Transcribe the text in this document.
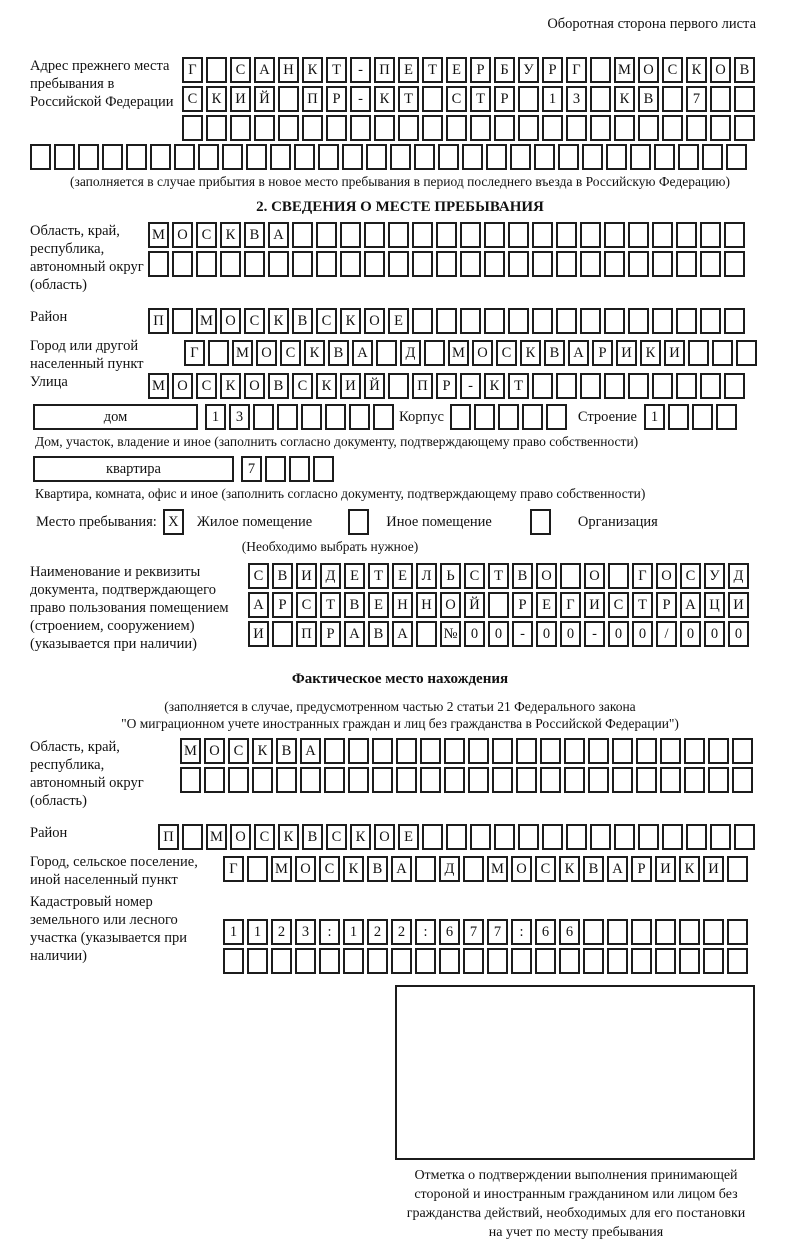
Оборотная сторона первого листа
Адрес прежнего места пребывания в Российской Федерации
Г	С А Н К	Т	-	П Е	Т	Е	Р	Б	У	Р	Г	М О С К О В
С К И Й	П	Р	-	К	Т	С	Т	Р	1	3	К В	7
(заполняется в случае прибытия в новое место пребывания в период последнего въезда в Российскую Федерацию)
2. СВЕДЕНИЯ О МЕСТЕ ПРЕБЫВАНИЯ
Область, край, республика, автономный округ (область)
М О С К В А
Район	П	М О С К В С К О Е
Город или другой населенный пункт
Г	М О С К В А	Д	М О С К В А	Р	И К И
Улица	М О С К О В С К И Й	П	Р	-	К	Т
дом	1	3	Корпус	Строение 1
Дом, участок, владение и иное (заполнить согласно документу, подтверждающему право собственности)
квартира	7
Квартира, комната, офис и иное (заполнить согласно документу, подтверждающему право собственности)
Место пребывания: X	Жилое помещение	Иное помещение	Организация
(Необходимо выбрать нужное)
Наименование и реквизиты документа, подтверждающего право пользования помещением (строением, сооружением) (указывается при наличии)
С В И Д	Е	Т	Е	Л	Ь	С	Т	В О	О	Г	О С У Д
А	Р	С	Т	В	Е Н Н О Й	Р	Е	Г	И С	Т	Р	А Ц И
И	П	Р	А В А	№ 0	0	-	0	0	-	0	0	/	0	0	0
Фактическое место нахождения
(заполняется в случае, предусмотренном частью 2 статьи 21 Федерального закона
"О миграционном учете иностранных граждан и лиц без гражданства в Российской Федерации")
Область, край, республика, автономный округ (область)
М О С К В А
Район	П	М О С К В С К О Е
Город, сельское поселение, иной населенный пункт
Г	М О С К В А	Д	М О С К В А	Р	И К И
Кадастровый номер земельного или лесного участка (указывается при наличии)
1	1	2	3	:	1	2	2	:	6	7	7	:	6	6
Отметка о подтверждении выполнения принимающей
стороной и иностранным гражданином или лицом без
гражданства действий, необходимых для его постановки
на учет по месту пребывания
